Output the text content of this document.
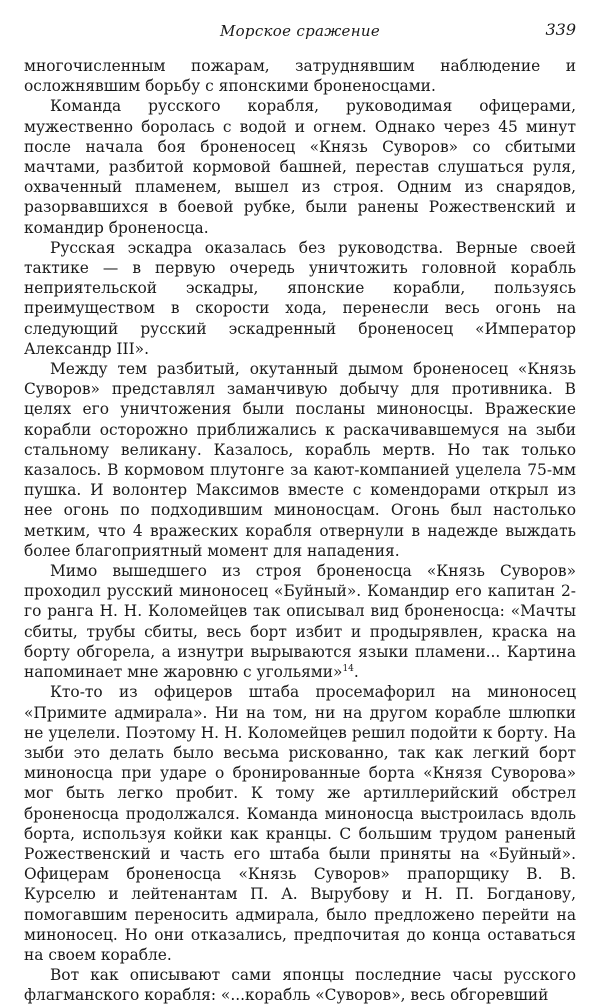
Морское сражение	339

многочисленным пожарам, затруднявшим наблюдение и осложнявшим борьбу с японскими броненосцами.

Команда русского корабля, руководимая офицерами, мужественно боролась с водой и огнем. Однако через 45 минут после начала боя броненосец «Князь Суворов» со сбитыми мачтами, разбитой кормовой башней, перестав слушаться руля, охваченный пламенем, вышел из строя. Одним из снарядов, разорвавшихся в боевой рубке, были ранены Рожественский и командир броненосца.

Русская эскадра оказалась без руководства. Верные своей тактике — в первую очередь уничтожить головной корабль неприятельской эскадры, японские корабли, пользуясь преимуществом в скорости хода, перенесли весь огонь на следующий русский эскадренный броненосец «Император Александр III».

Между тем разбитый, окутанный дымом броненосец «Князь Суворов» представлял заманчивую добычу для противника. В целях его уничтожения были посланы миноносцы. Вражеские корабли осторожно приближались к раскачивавшемуся на зыби стальному великану. Казалось, корабль мертв. Но так только казалось. В кормовом плутонге за кают-компанией уцелела 75-мм пушка. И волонтер Максимов вместе с комендорами открыл из нее огонь по подходившим миноносцам. Огонь был настолько метким, что 4 вражеских корабля отвернули в надежде выждать более благоприятный момент для нападения.

Мимо вышедшего из строя броненосца «Князь Суворов» проходил русский миноносец «Буйный». Командир его капитан 2-го ранга Н. Н. Коломейцев так описывал вид броненосца: «Мачты сбиты, трубы сбиты, весь борт избит и продырявлен, краска на борту обгорела, а изнутри вырываются языки пламени... Картина напоминает мне жаровню с угольями»$^{14}$.

Кто-то из офицеров штаба просемафорил на миноносец «Примите адмирала». Ни на том, ни на другом корабле шлюпки не уцелели. Поэтому Н. Н. Коломейцев решил подойти к борту. На зыби это делать было весьма рискованно, так как легкий борт миноносца при ударе о бронированные борта «Князя Суворова» мог быть легко пробит. К тому же артиллерийский обстрел броненосца продолжался. Команда миноносца выстроилась вдоль борта, используя койки как кранцы. С большим трудом раненый Рожественский и часть его штаба были приняты на «Буйный». Офицерам броненосца «Князь Суворов» прапорщику В. В. Курселю и лейтенантам П. А. Вырубову и Н. П. Богданову, помогавшим переносить адмирала, было предложено перейти на миноносец. Но они отказались, предпочитая до конца оставаться на своем корабле.

Вот как описывают сами японцы последние часы русского флагманского корабля: «...корабль «Суворов», весь обгоревший
